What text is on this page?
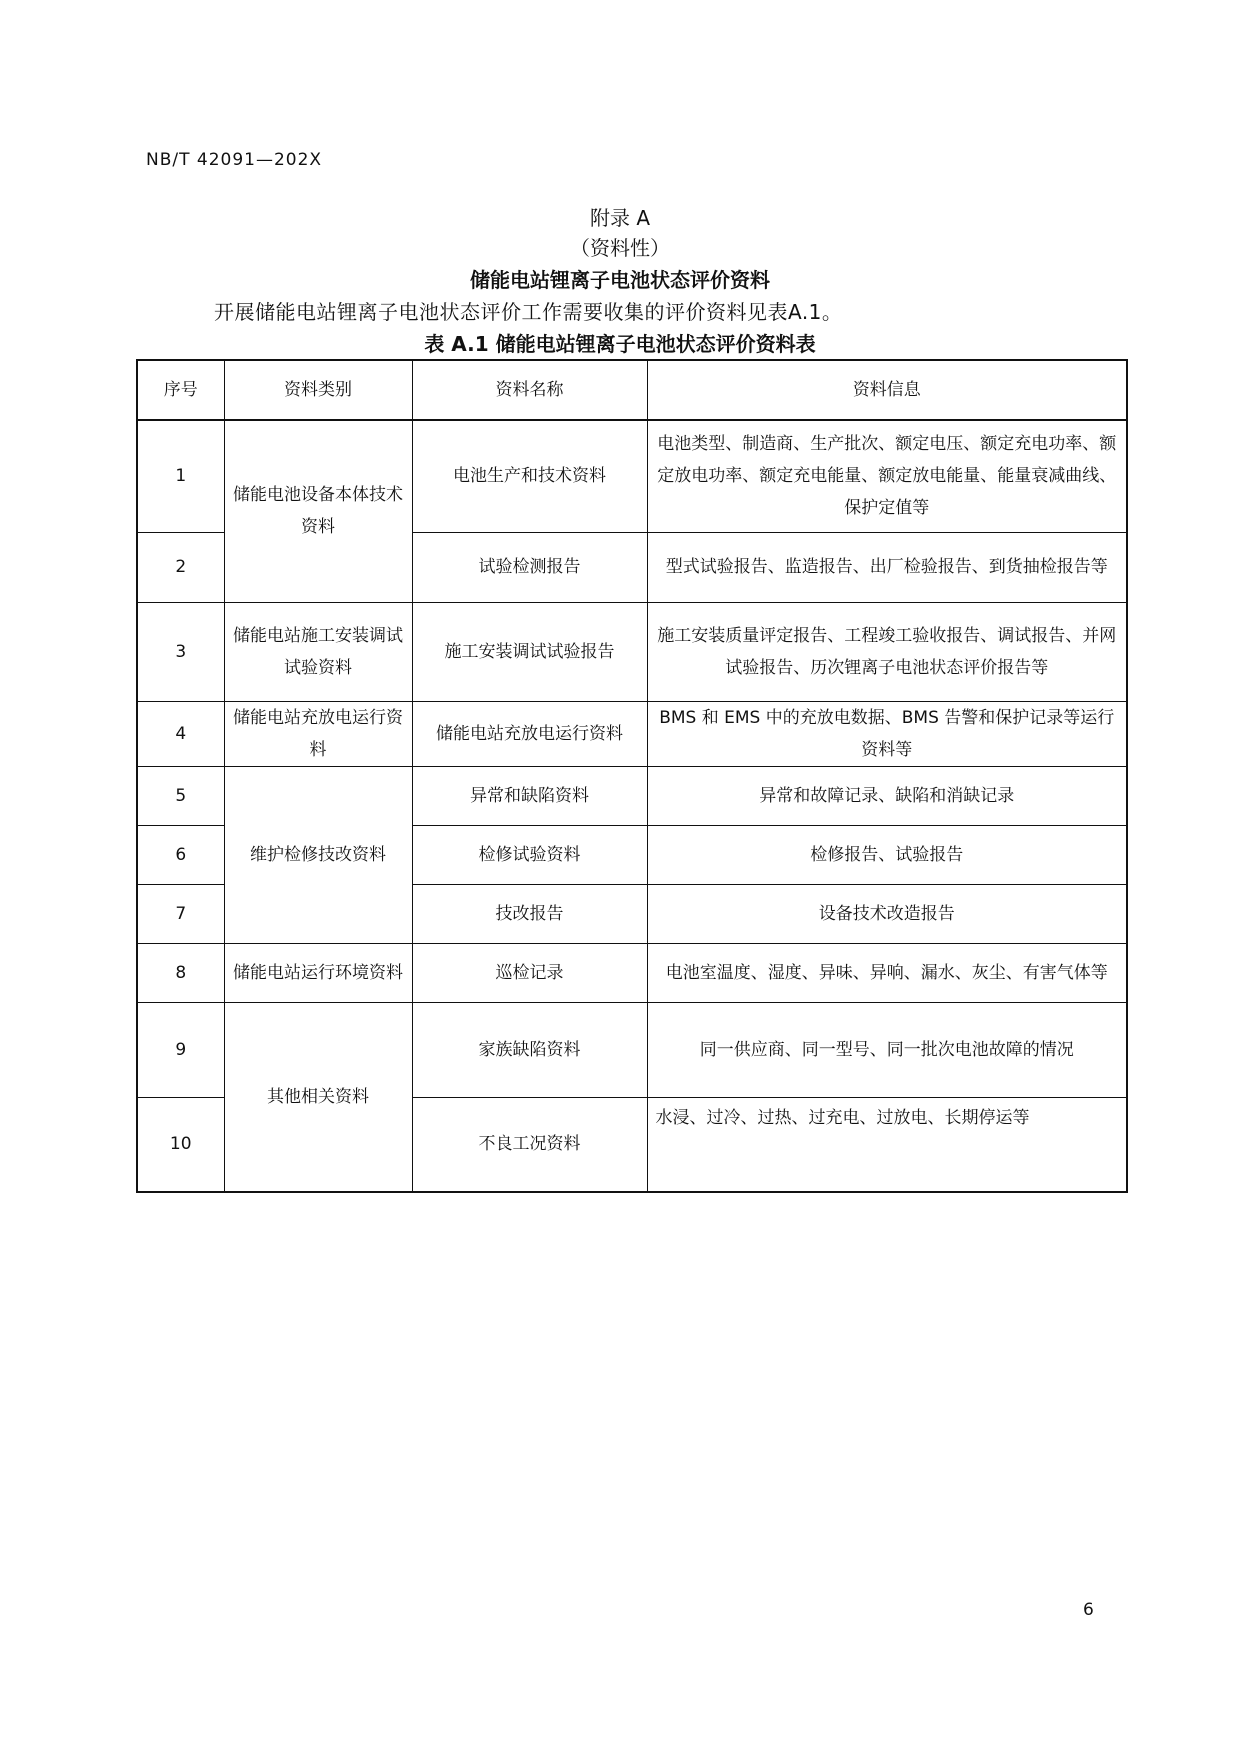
NB/T 42091—202X
附录 A
（资料性）
储能电站锂离子电池状态评价资料
开展储能电站锂离子电池状态评价工作需要收集的评价资料见表A.1。
表 A.1 储能电站锂离子电池状态评价资料表
序号	资料类别	资料名称	资料信息
1	储能电池设备本体技术资料	电池生产和技术资料	电池类型、制造商、生产批次、额定电压、额定充电功率、额定放电功率、额定充电能量、额定放电能量、能量衰减曲线、保护定值等
2		试验检测报告	型式试验报告、监造报告、出厂检验报告、到货抽检报告等
3	储能电站施工安装调试试验资料	施工安装调试试验报告	施工安装质量评定报告、工程竣工验收报告、调试报告、并网试验报告、历次锂离子电池状态评价报告等
4	储能电站充放电运行资料	储能电站充放电运行资料	BMS 和 EMS 中的充放电数据、BMS 告警和保护记录等运行资料等
5	维护检修技改资料	异常和缺陷资料	异常和故障记录、缺陷和消缺记录
6		检修试验资料	检修报告、试验报告
7		技改报告	设备技术改造报告
8	储能电站运行环境资料	巡检记录	电池室温度、湿度、异味、异响、漏水、灰尘、有害气体等
9	其他相关资料	家族缺陷资料	同一供应商、同一型号、同一批次电池故障的情况
10		不良工况资料	水浸、过冷、过热、过充电、过放电、长期停运等
6
